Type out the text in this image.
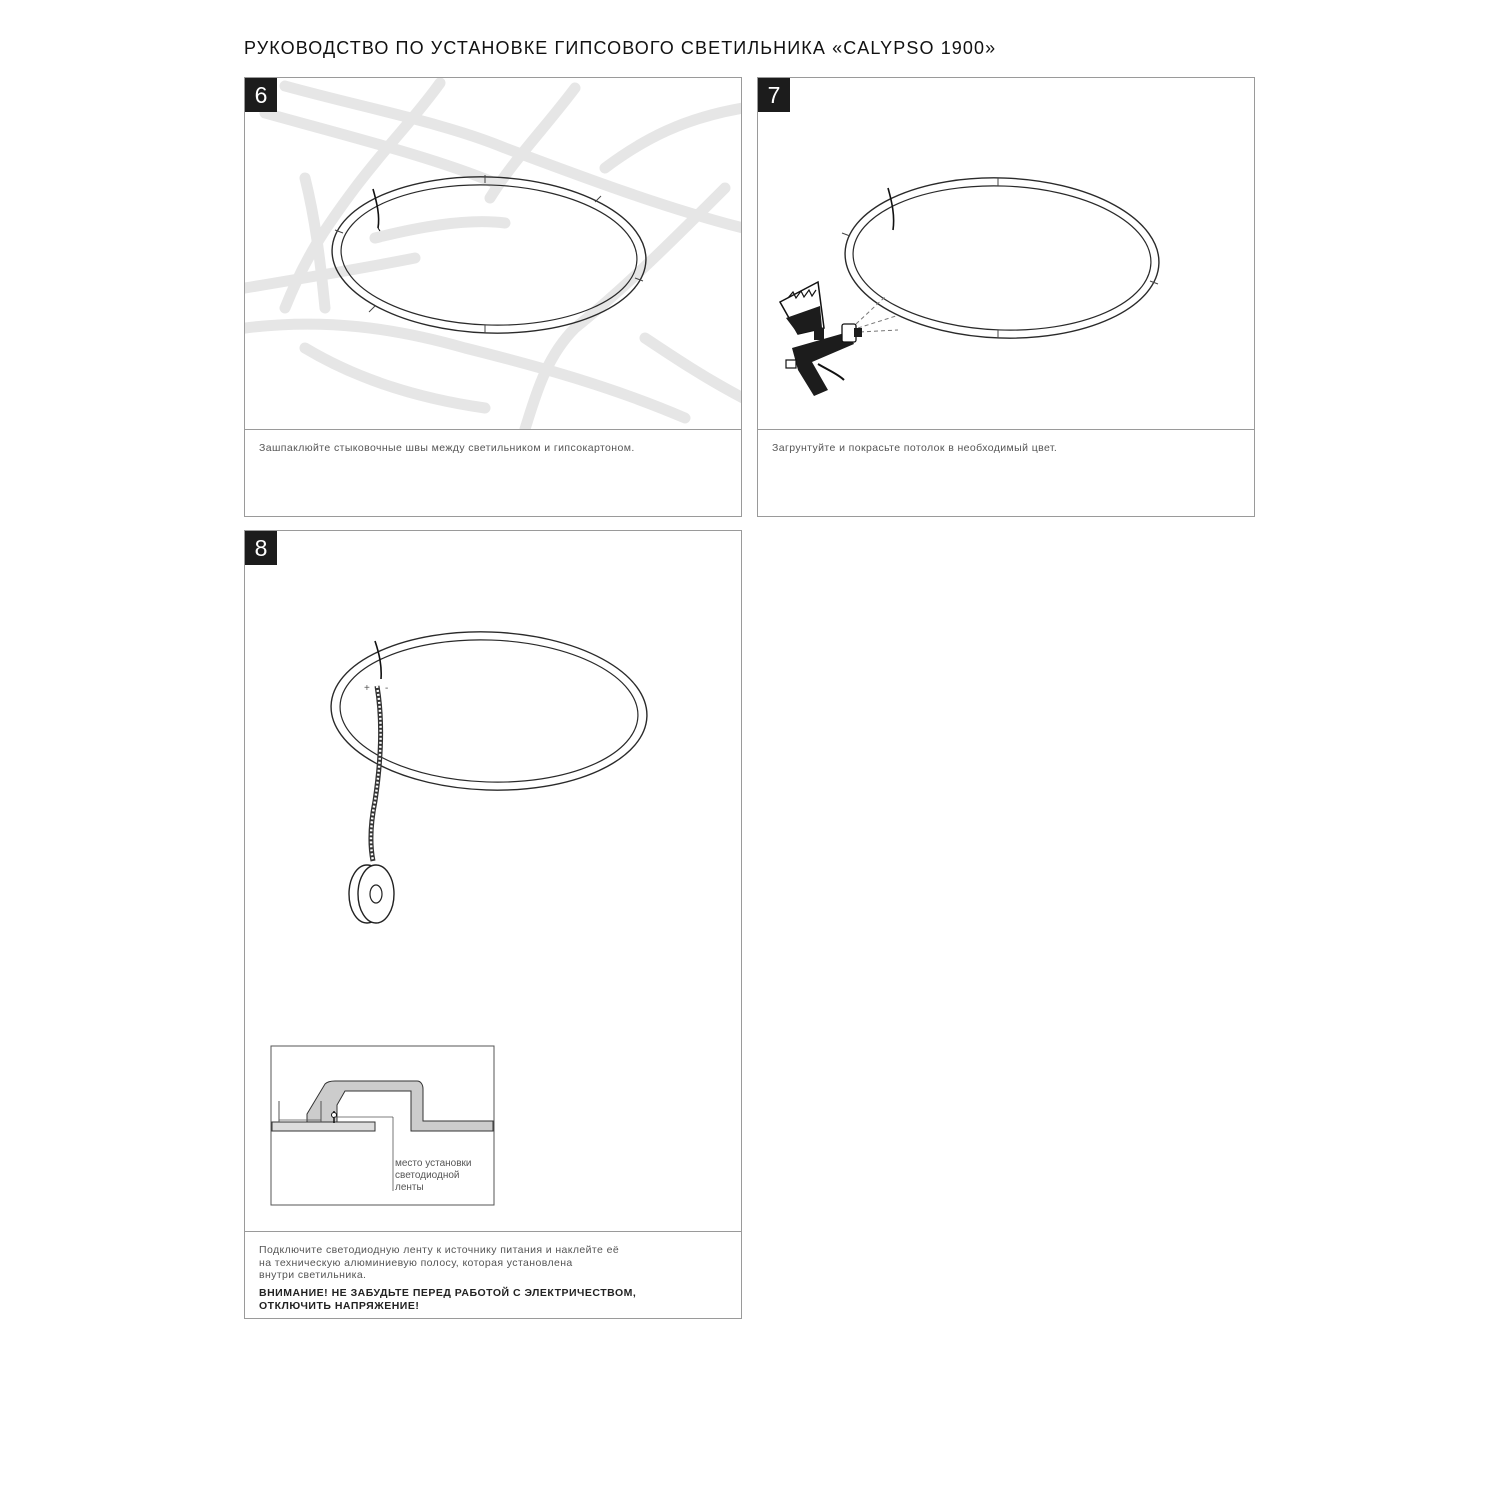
РУКОВОДСТВО ПО УСТАНОВКЕ ГИПСОВОГО СВЕТИЛЬНИКА «CALYPSO 1900»
6
Зашпаклюйте стыковочные швы между светильником и гипсокартоном.
7
Загрунтуйте и покрасьте потолок в необходимый цвет.
+ -
место установки
светодиодной
ленты
8
Подключите светодиодную ленту к источнику питания и наклейте её
на техническую алюминиевую полосу, которая установлена
внутри светильника.
ВНИМАНИЕ! НЕ ЗАБУДЬТЕ ПЕРЕД РАБОТОЙ С ЭЛЕКТРИЧЕСТВОМ,
ОТКЛЮЧИТЬ НАПРЯЖЕНИЕ!
